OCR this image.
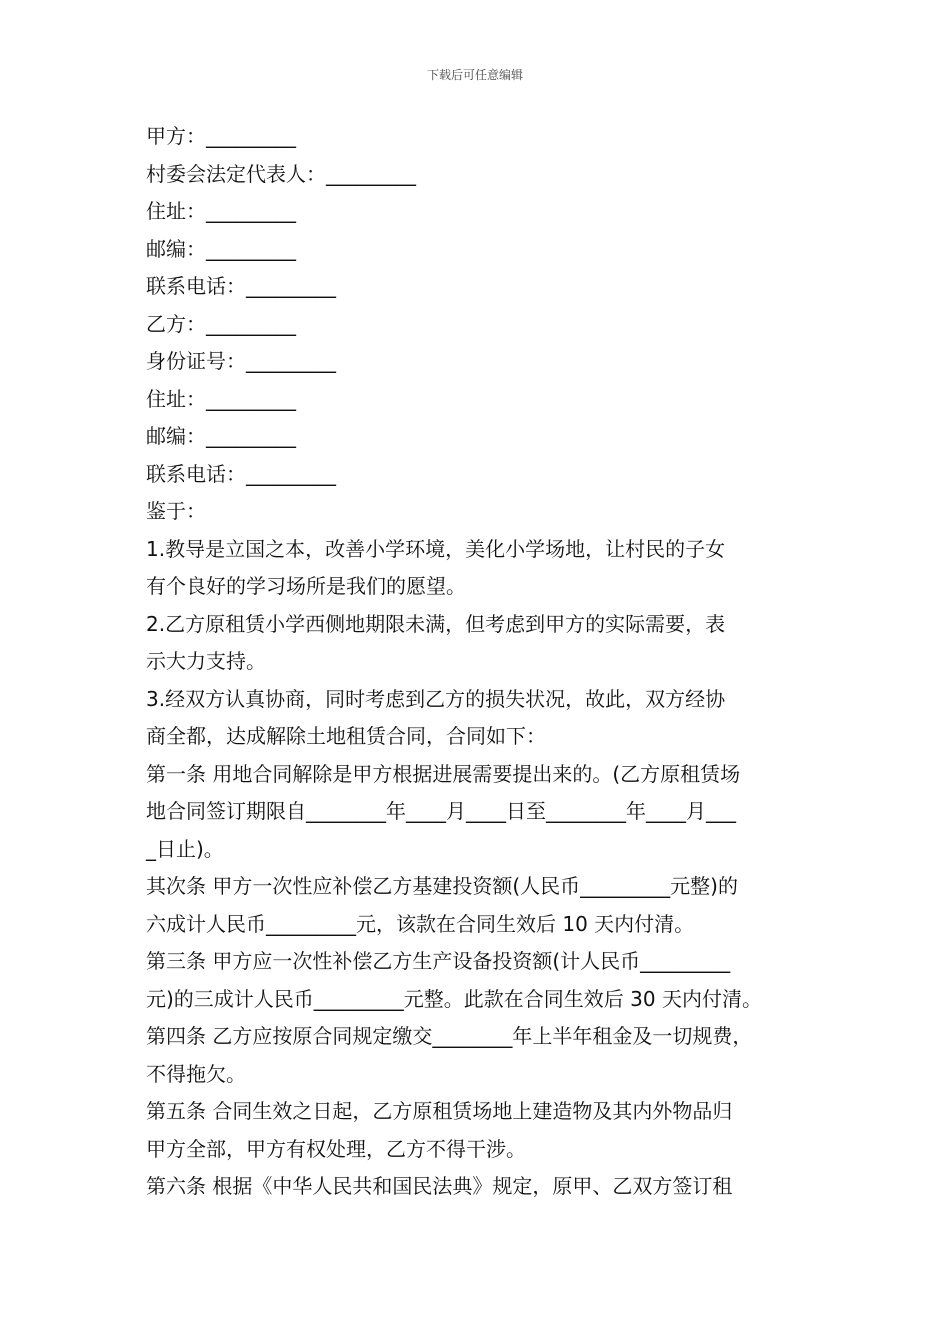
下载后可任意编辑
甲方：_________
村委会法定代表人：_________
住址：_________
邮编：_________
联系电话：_________
乙方：_________
身份证号：_________
住址：_________
邮编：_________
联系电话：_________
鉴于：
1.教导是立国之本，改善小学环境，美化小学场地，让村民的子女
有个良好的学习场所是我们的愿望。
2.乙方原租赁小学西侧地期限未满，但考虑到甲方的实际需要，表
示大力支持。
3.经双方认真协商，同时考虑到乙方的损失状况，故此，双方经协
商全都，达成解除土地租赁合同，合同如下：
第一条 用地合同解除是甲方根据进展需要提出来的。(乙方原租赁场
地合同签订期限自________年____月____日至________年____月___
_日止)。
其次条 甲方一次性应补偿乙方基建投资额(人民币_________元整)的
六成计人民币_________元，该款在合同生效后 10 天内付清。
第三条 甲方应一次性补偿乙方生产设备投资额(计人民币_________
元)的三成计人民币_________元整。此款在合同生效后 30 天内付清。
第四条 乙方应按原合同规定缴交________年上半年租金及一切规费，
不得拖欠。
第五条 合同生效之日起，乙方原租赁场地上建造物及其内外物品归
甲方全部，甲方有权处理，乙方不得干涉。
第六条 根据《中华人民共和国民法典》规定，原甲、乙双方签订租
